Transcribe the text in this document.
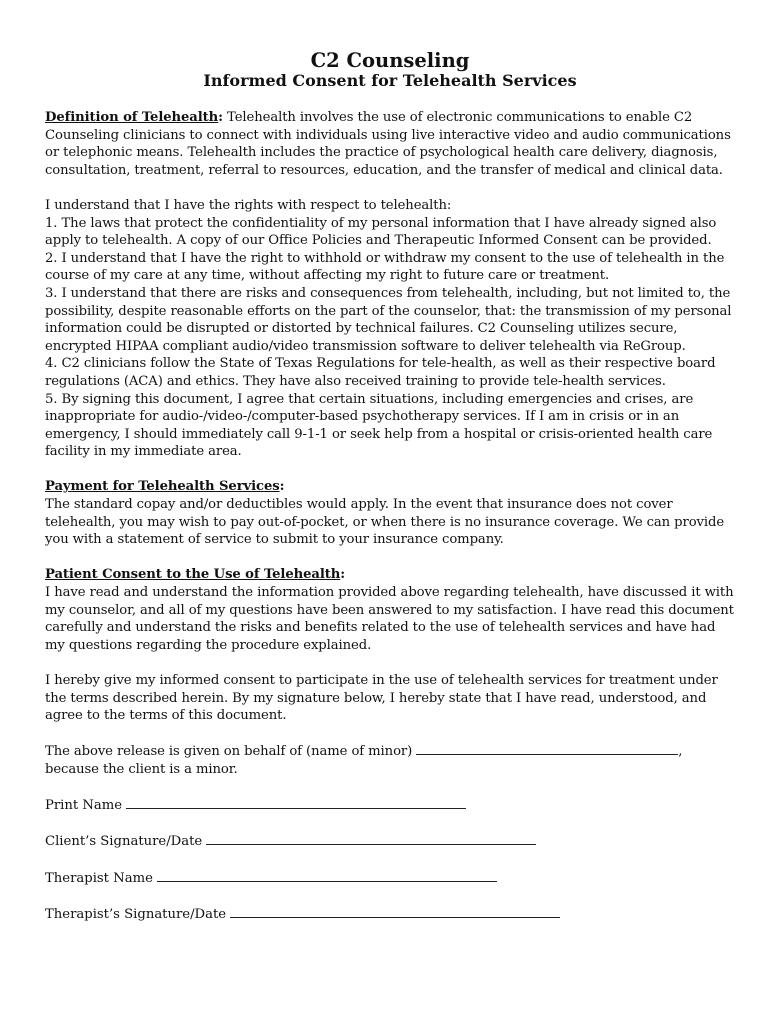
C2 Counseling
Informed Consent for Telehealth Services

Definition of Telehealth: Telehealth involves the use of electronic communications to enable C2 Counseling clinicians to connect with individuals using live interactive video and audio communications or telephonic means. Telehealth includes the practice of psychological health care delivery, diagnosis, consultation, treatment, referral to resources, education, and the transfer of medical and clinical data.

I understand that I have the rights with respect to telehealth:

1. The laws that protect the confidentiality of my personal information that I have already signed also apply to telehealth. A copy of our Office Policies and Therapeutic Informed Consent can be provided.
2. I understand that I have the right to withhold or withdraw my consent to the use of telehealth in the course of my care at any time, without affecting my right to future care or treatment.
3. I understand that there are risks and consequences from telehealth, including, but not limited to, the possibility, despite reasonable efforts on the part of the counselor, that: the transmission of my personal information could be disrupted or distorted by technical failures. C2 Counseling utilizes secure, encrypted HIPAA compliant audio/video transmission software to deliver telehealth via ReGroup.
4. C2 clinicians follow the State of Texas Regulations for tele-health, as well as their respective board regulations (ACA) and ethics. They have also received training to provide tele-health services.
5. By signing this document, I agree that certain situations, including emergencies and crises, are inappropriate for audio-/video-/computer-based psychotherapy services. If I am in crisis or in an emergency, I should immediately call 9-1-1 or seek help from a hospital or crisis-oriented health care facility in my immediate area.
Payment for Telehealth Services:
The standard copay and/or deductibles would apply. In the event that insurance does not cover telehealth, you may wish to pay out-of-pocket, or when there is no insurance coverage. We can provide you with a statement of service to submit to your insurance company.
Patient Consent to the Use of Telehealth:
I have read and understand the information provided above regarding telehealth, have discussed it with my counselor, and all of my questions have been answered to my satisfaction. I have read this document carefully and understand the risks and benefits related to the use of telehealth services and have had my questions regarding the procedure explained.

I hereby give my informed consent to participate in the use of telehealth services for treatment under the terms described herein. By my signature below, I hereby state that I have read, understood, and agree to the terms of this document.

The above release is given on behalf of (name of minor)	,
because the client is a minor.
Print Name
Client’s Signature/Date
Therapist Name
Therapist’s Signature/Date
